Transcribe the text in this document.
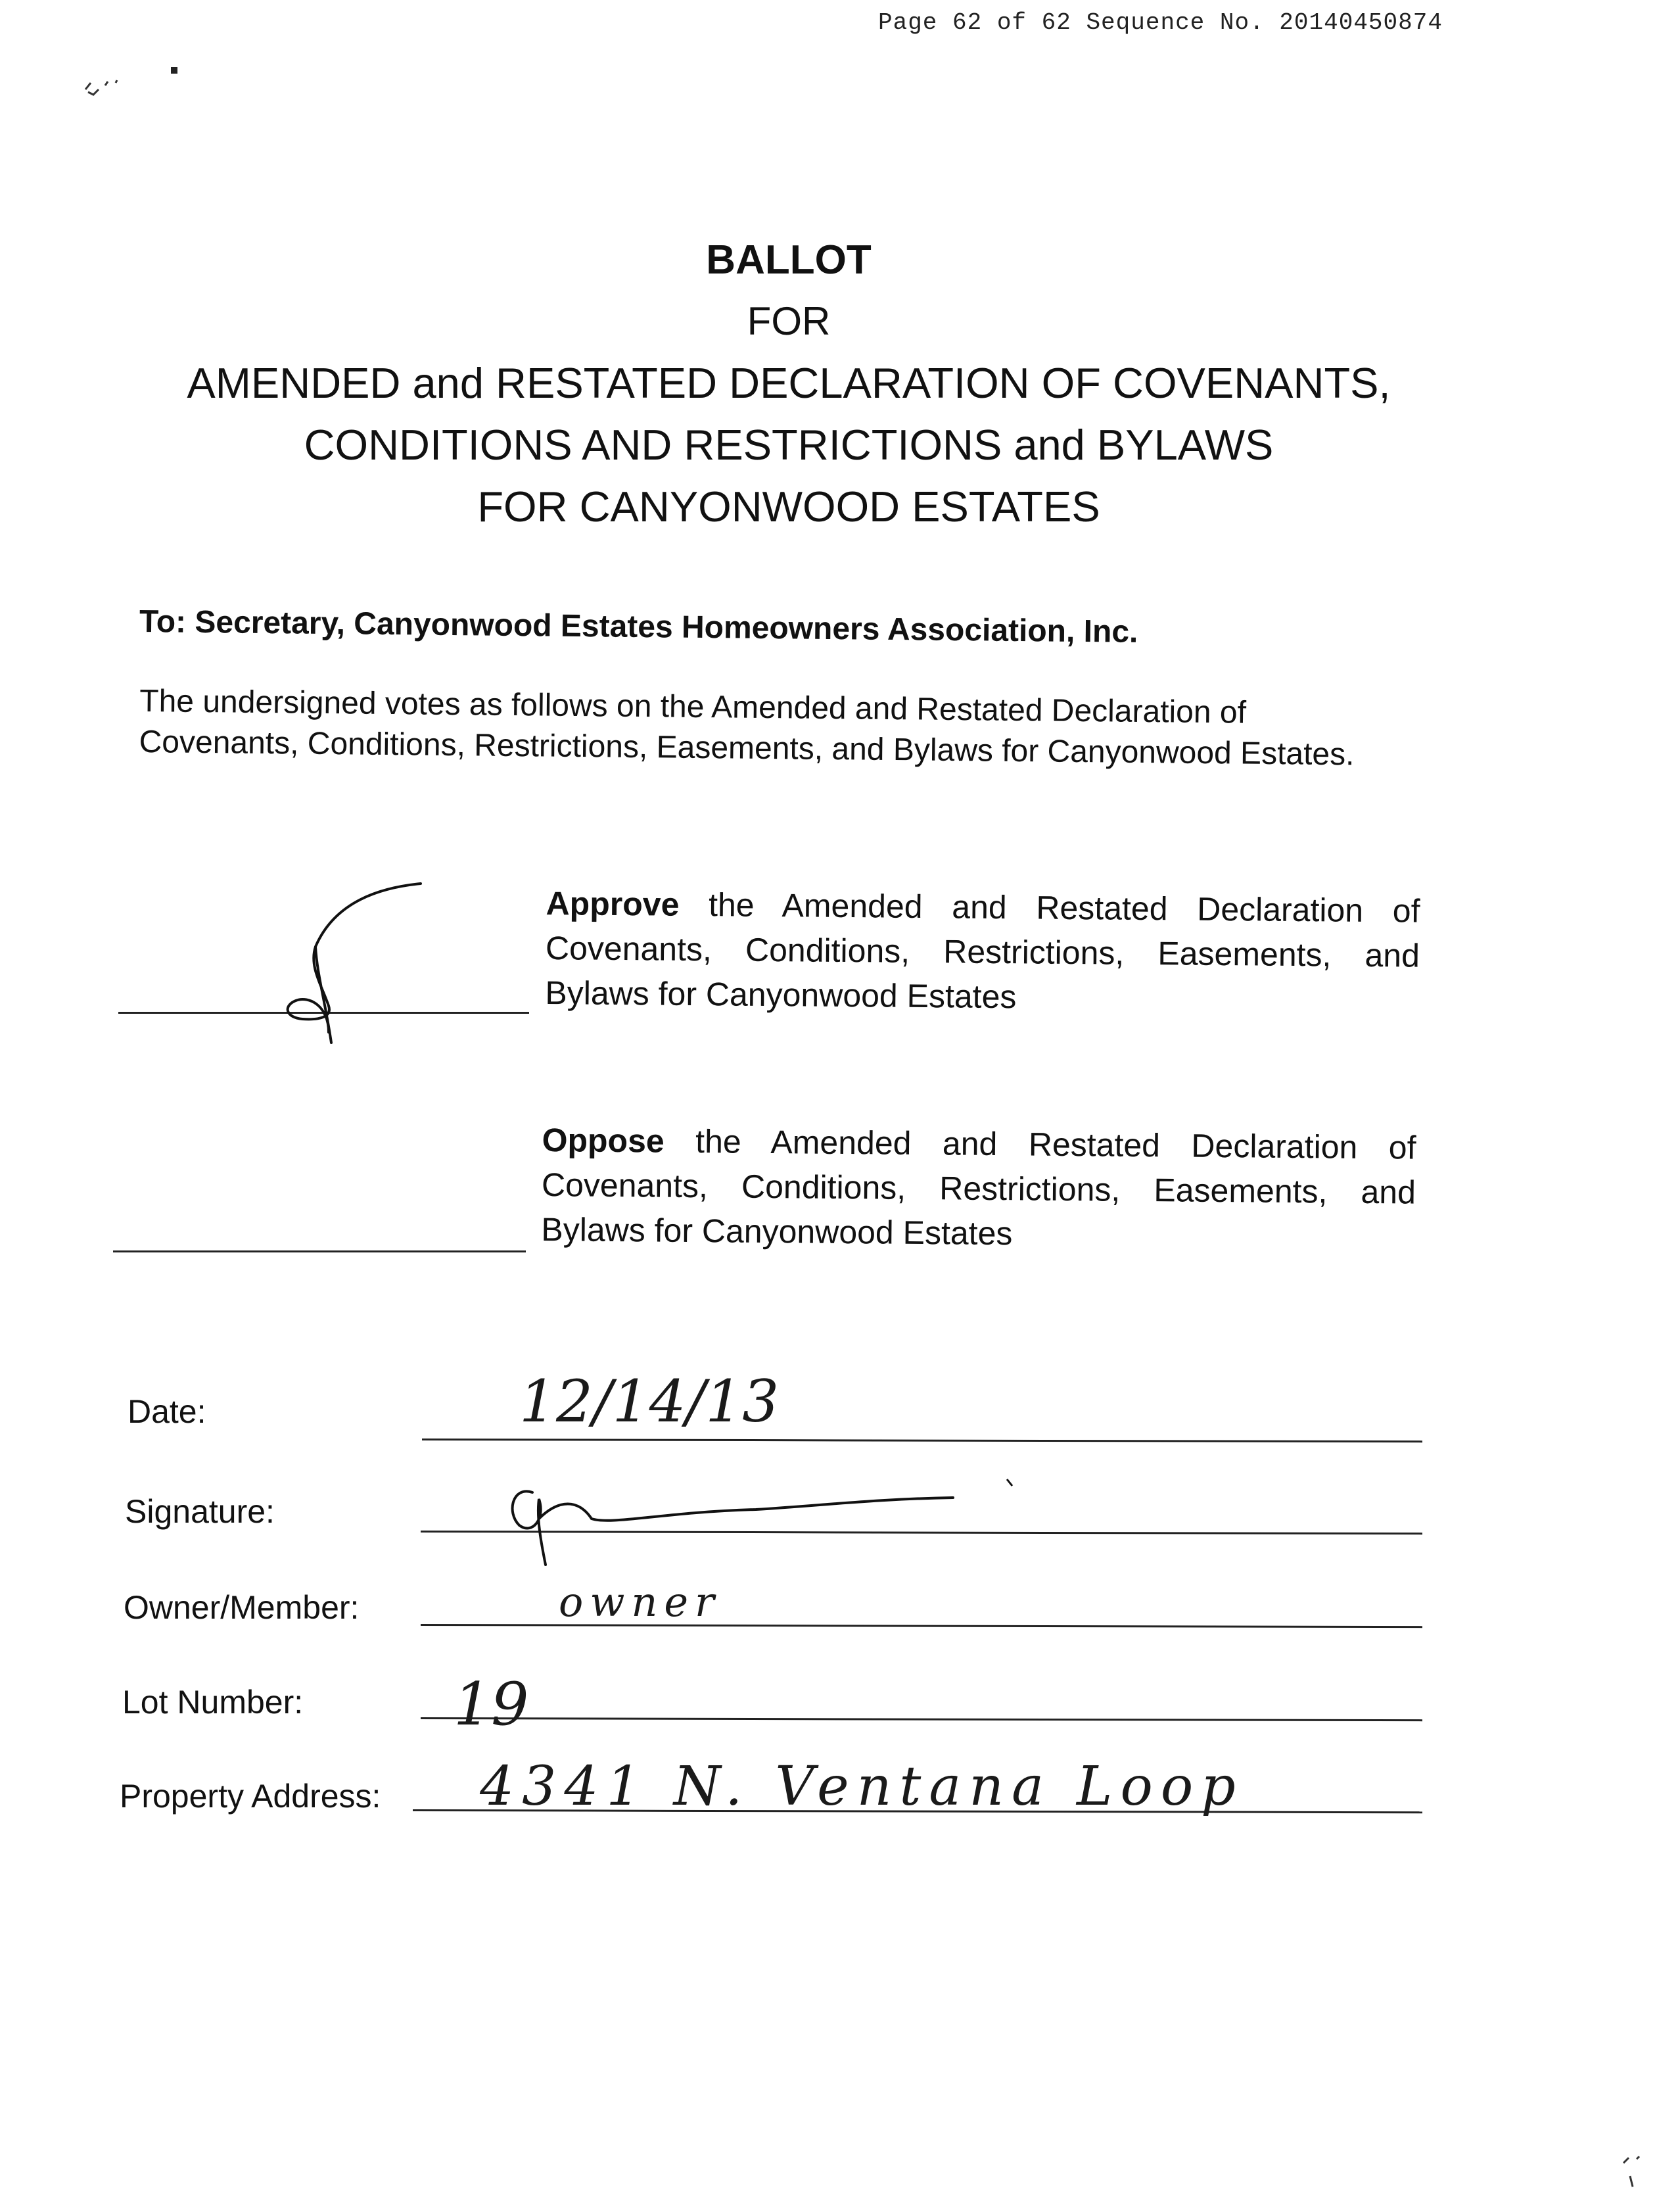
Page 62 of 62 Sequence No. 20140450874
BALLOT
FOR
AMENDED and RESTATED DECLARATION OF COVENANTS,
CONDITIONS AND RESTRICTIONS and BYLAWS
FOR CANYONWOOD ESTATES
To: Secretary, Canyonwood Estates Homeowners Association, Inc.
The undersigned votes as follows on the Amended and Restated Declaration of Covenants, Conditions, Restrictions, Easements, and Bylaws for Canyonwood Estates.
Approve the Amended and Restated Declaration of Covenants, Conditions, Restrictions, Easements, and Bylaws for Canyonwood Estates
Oppose the Amended and Restated Declaration of Covenants, Conditions, Restrictions, Easements, and Bylaws for Canyonwood Estates
Date:	12/14/13
Signature:
Owner/Member:	owner
Lot Number:	19
Property Address: 4341 N. Ventana Loop
